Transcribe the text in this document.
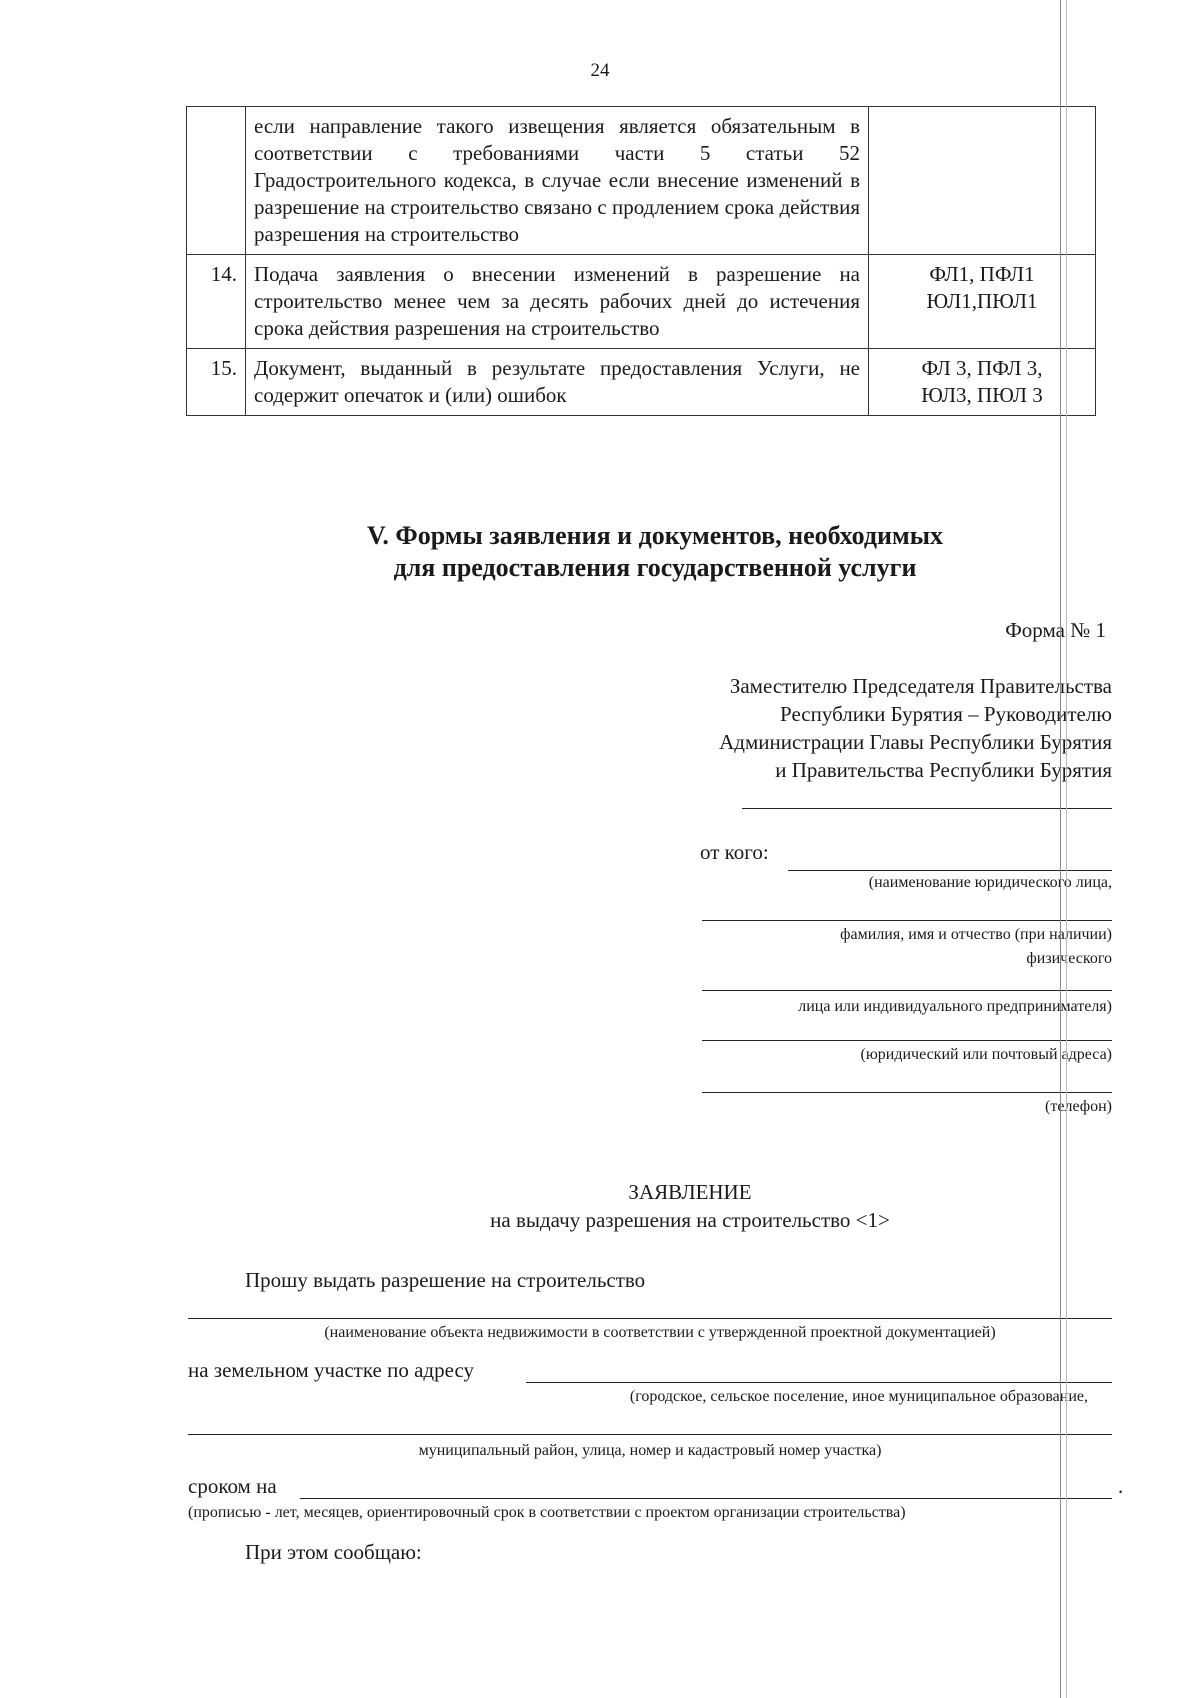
24
	если направление такого извещения является обязательным в соответствии с требованиями части 5 статьи 52 Градостроительного кодекса, в случае если внесение изменений в разрешение на строительство связано с продлением срока действия разрешения на строительство	

14.	Подача заявления о внесении изменений в разрешение на строительство менее чем за десять рабочих дней до истечения срока действия разрешения на строительство	ФЛ1, ПФЛ1
ЮЛ1,ПЮЛ1

15.	Документ, выданный в результате предоставления Услуги, не содержит опечаток и (или) ошибок	ФЛ 3, ПФЛ 3,
ЮЛ3, ПЮЛ 3
V. Формы заявления и документов, необходимых
для предоставления государственной услуги
Форма № 1
Заместителю Председателя Правительства
Республики Бурятия – Руководителю
Администрации Главы Республики Бурятия
и Правительства Республики Бурятия
от кого:
(наименование юридического лица,
фамилия, имя и отчество (при наличии)
физического
лица или индивидуального предпринимателя)
(юридический или почтовый адреса)
(телефон)
ЗАЯВЛЕНИЕ
на выдачу разрешения на строительство <1>
Прошу выдать разрешение на строительство
(наименование объекта недвижимости в соответствии с утвержденной проектной документацией)
на земельном участке по адресу
(городское, сельское поселение, иное муниципальное образование,
муниципальный район, улица, номер и кадастровый номер участка)
сроком на	.
(прописью - лет, месяцев, ориентировочный срок в соответствии с проектом организации строительства)
При этом сообщаю:
